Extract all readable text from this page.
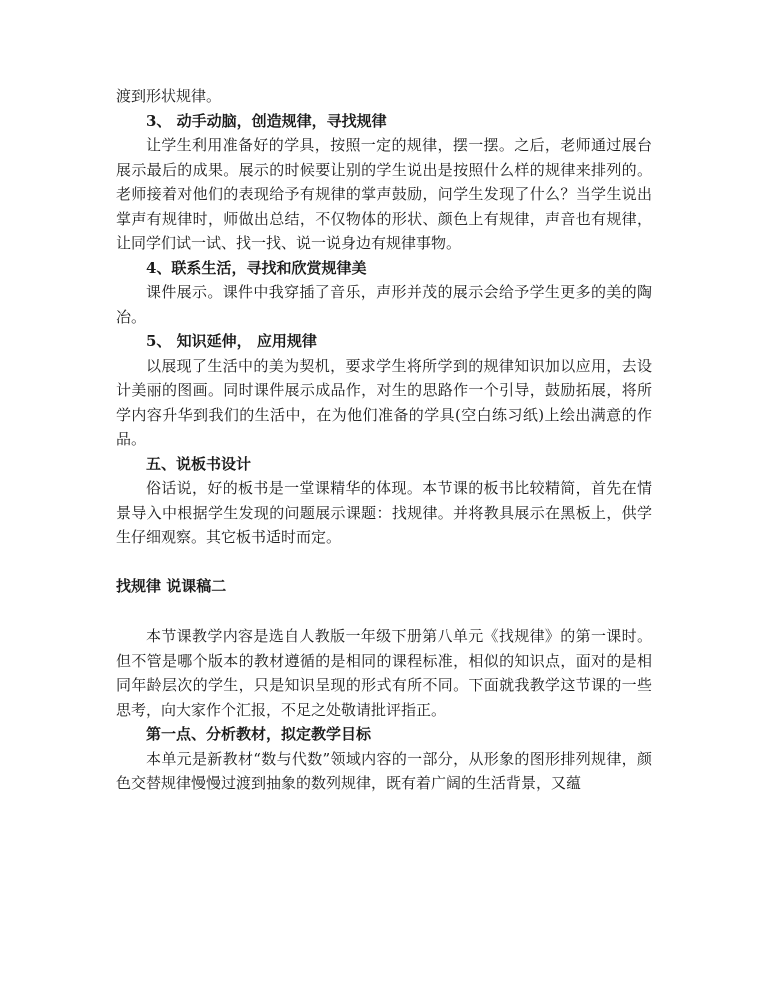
渡到形状规律。

3、 动手动脑，创造规律，寻找规律

让学生利用准备好的学具，按照一定的规律，摆一摆。之后，老师通过展台展示最后的成果。展示的时候要让别的学生说出是按照什么样的规律来排列的。老师接着对他们的表现给予有规律的掌声鼓励，问学生发现了什么？当学生说出掌声有规律时，师做出总结，不仅物体的形状、颜色上有规律，声音也有规律，让同学们试一试、找一找、说一说身边有规律事物。

4、联系生活，寻找和欣赏规律美

课件展示。课件中我穿插了音乐，声形并茂的展示会给予学生更多的美的陶冶。

5、 知识延伸， 应用规律

以展现了生活中的美为契机，要求学生将所学到的规律知识加以应用，去设计美丽的图画。同时课件展示成品作，对生的思路作一个引导，鼓励拓展，将所学内容升华到我们的生活中，在为他们准备的学具(空白练习纸)上绘出满意的作品。

五、说板书设计

俗话说，好的板书是一堂课精华的体现。本节课的板书比较精简，首先在情景导入中根据学生发现的问题展示课题：找规律。并将教具展示在黑板上，供学生仔细观察。其它板书适时而定。

找规律 说课稿二

本节课教学内容是选自人教版一年级下册第八单元《找规律》的第一课时。但不管是哪个版本的教材遵循的是相同的课程标准，相似的知识点，面对的是相同年龄层次的学生，只是知识呈现的形式有所不同。下面就我教学这节课的一些思考，向大家作个汇报，不足之处敬请批评指正。

第一点、分析教材，拟定教学目标

本单元是新教材“数与代数”领域内容的一部分，从形象的图形排列规律，颜色交替规律慢慢过渡到抽象的数列规律，既有着广阔的生活背景，又蕴
